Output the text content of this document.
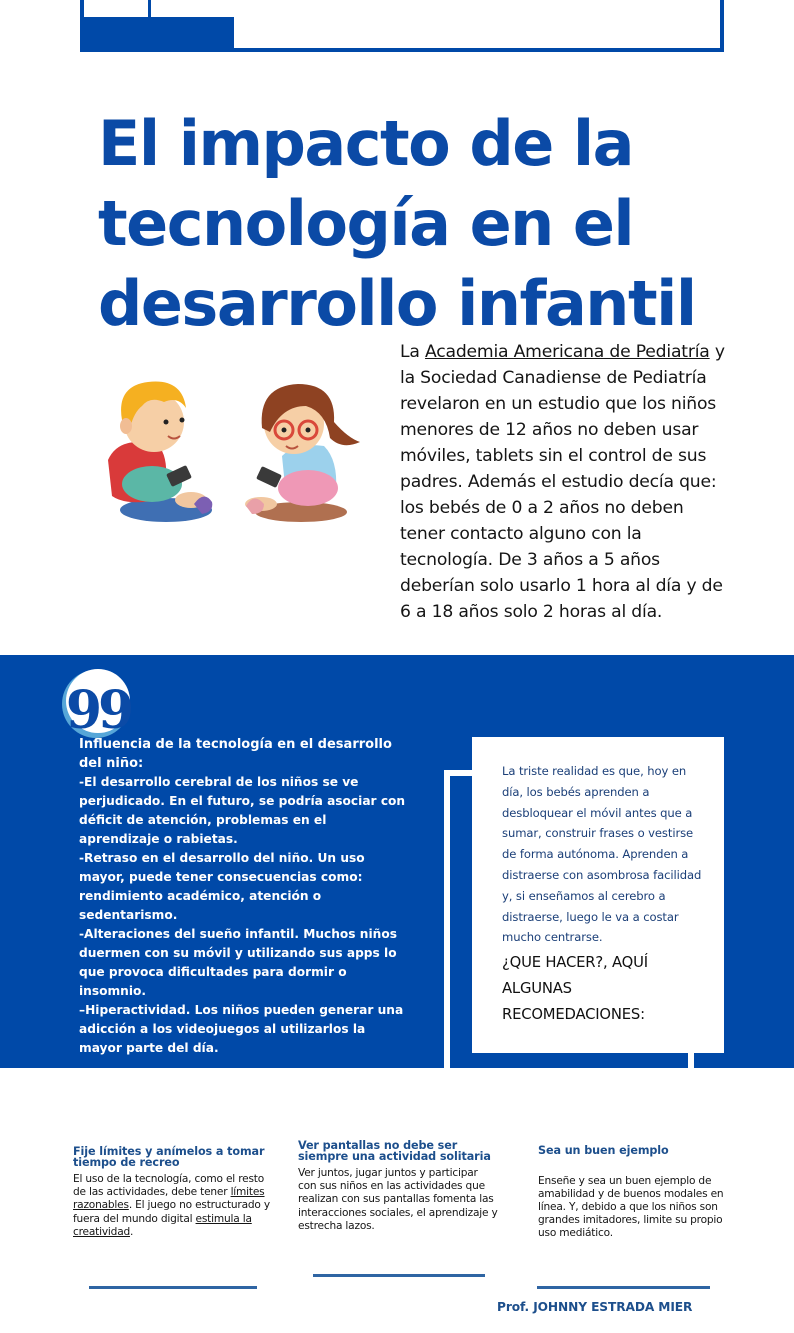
El impacto de la
tecnología en el
desarrollo infantil

La Academia Americana de Pediatría y la Sociedad Canadiense de Pediatría revelaron en un estudio que los niños menores de 12 años no deben usar móviles, tablets sin el control de sus padres. Además el estudio decía que: los bebés de 0 a 2 años no deben tener contacto alguno con la tecnología. De 3 años a 5 años deberían solo usarlo 1 hora al día y de 6 a 18 años solo 2 horas al día.

99

Influencia de la tecnología en el desarrollo del niño:

-El desarrollo cerebral de los niños se ve perjudicado. En el futuro, se podría asociar con déficit de atención, problemas en el aprendizaje o rabietas.

-Retraso en el desarrollo del niño. Un uso mayor, puede tener consecuencias como: rendimiento académico, atención o sedentarismo.

-Alteraciones del sueño infantil. Muchos niños duermen con su móvil y utilizando sus apps lo que provoca dificultades para dormir o insomnio.

–Hiperactividad. Los niños pueden generar una adicción a los videojuegos al utilizarlos la mayor parte del día.

La triste realidad es que, hoy en día, los bebés aprenden a desbloquear el móvil antes que a sumar, construir frases o vestirse de forma autónoma. Aprenden a distraerse con asombrosa facilidad y, si enseñamos al cerebro a distraerse, luego le va a costar mucho centrarse.

¿QUE HACER?, AQUÍ ALGUNAS RECOMEDACIONES:

Fije límites y anímelos a tomar tiempo de recreo

El uso de la tecnología, como el resto de las actividades, debe tener límites razonables. El juego no estructurado y fuera del mundo digital estimula la creatividad.

Ver pantallas no debe ser siempre una actividad solitaria

Ver juntos, jugar juntos y participar con sus niños en las actividades que realizan con sus pantallas fomenta las interacciones sociales, el aprendizaje y estrecha lazos.

Sea un buen ejemplo

Enseñe y sea un buen ejemplo de amabilidad y de buenos modales en línea. Y, debido a que los niños son grandes imitadores, limite su propio uso mediático.

Prof. JOHNNY ESTRADA MIER
